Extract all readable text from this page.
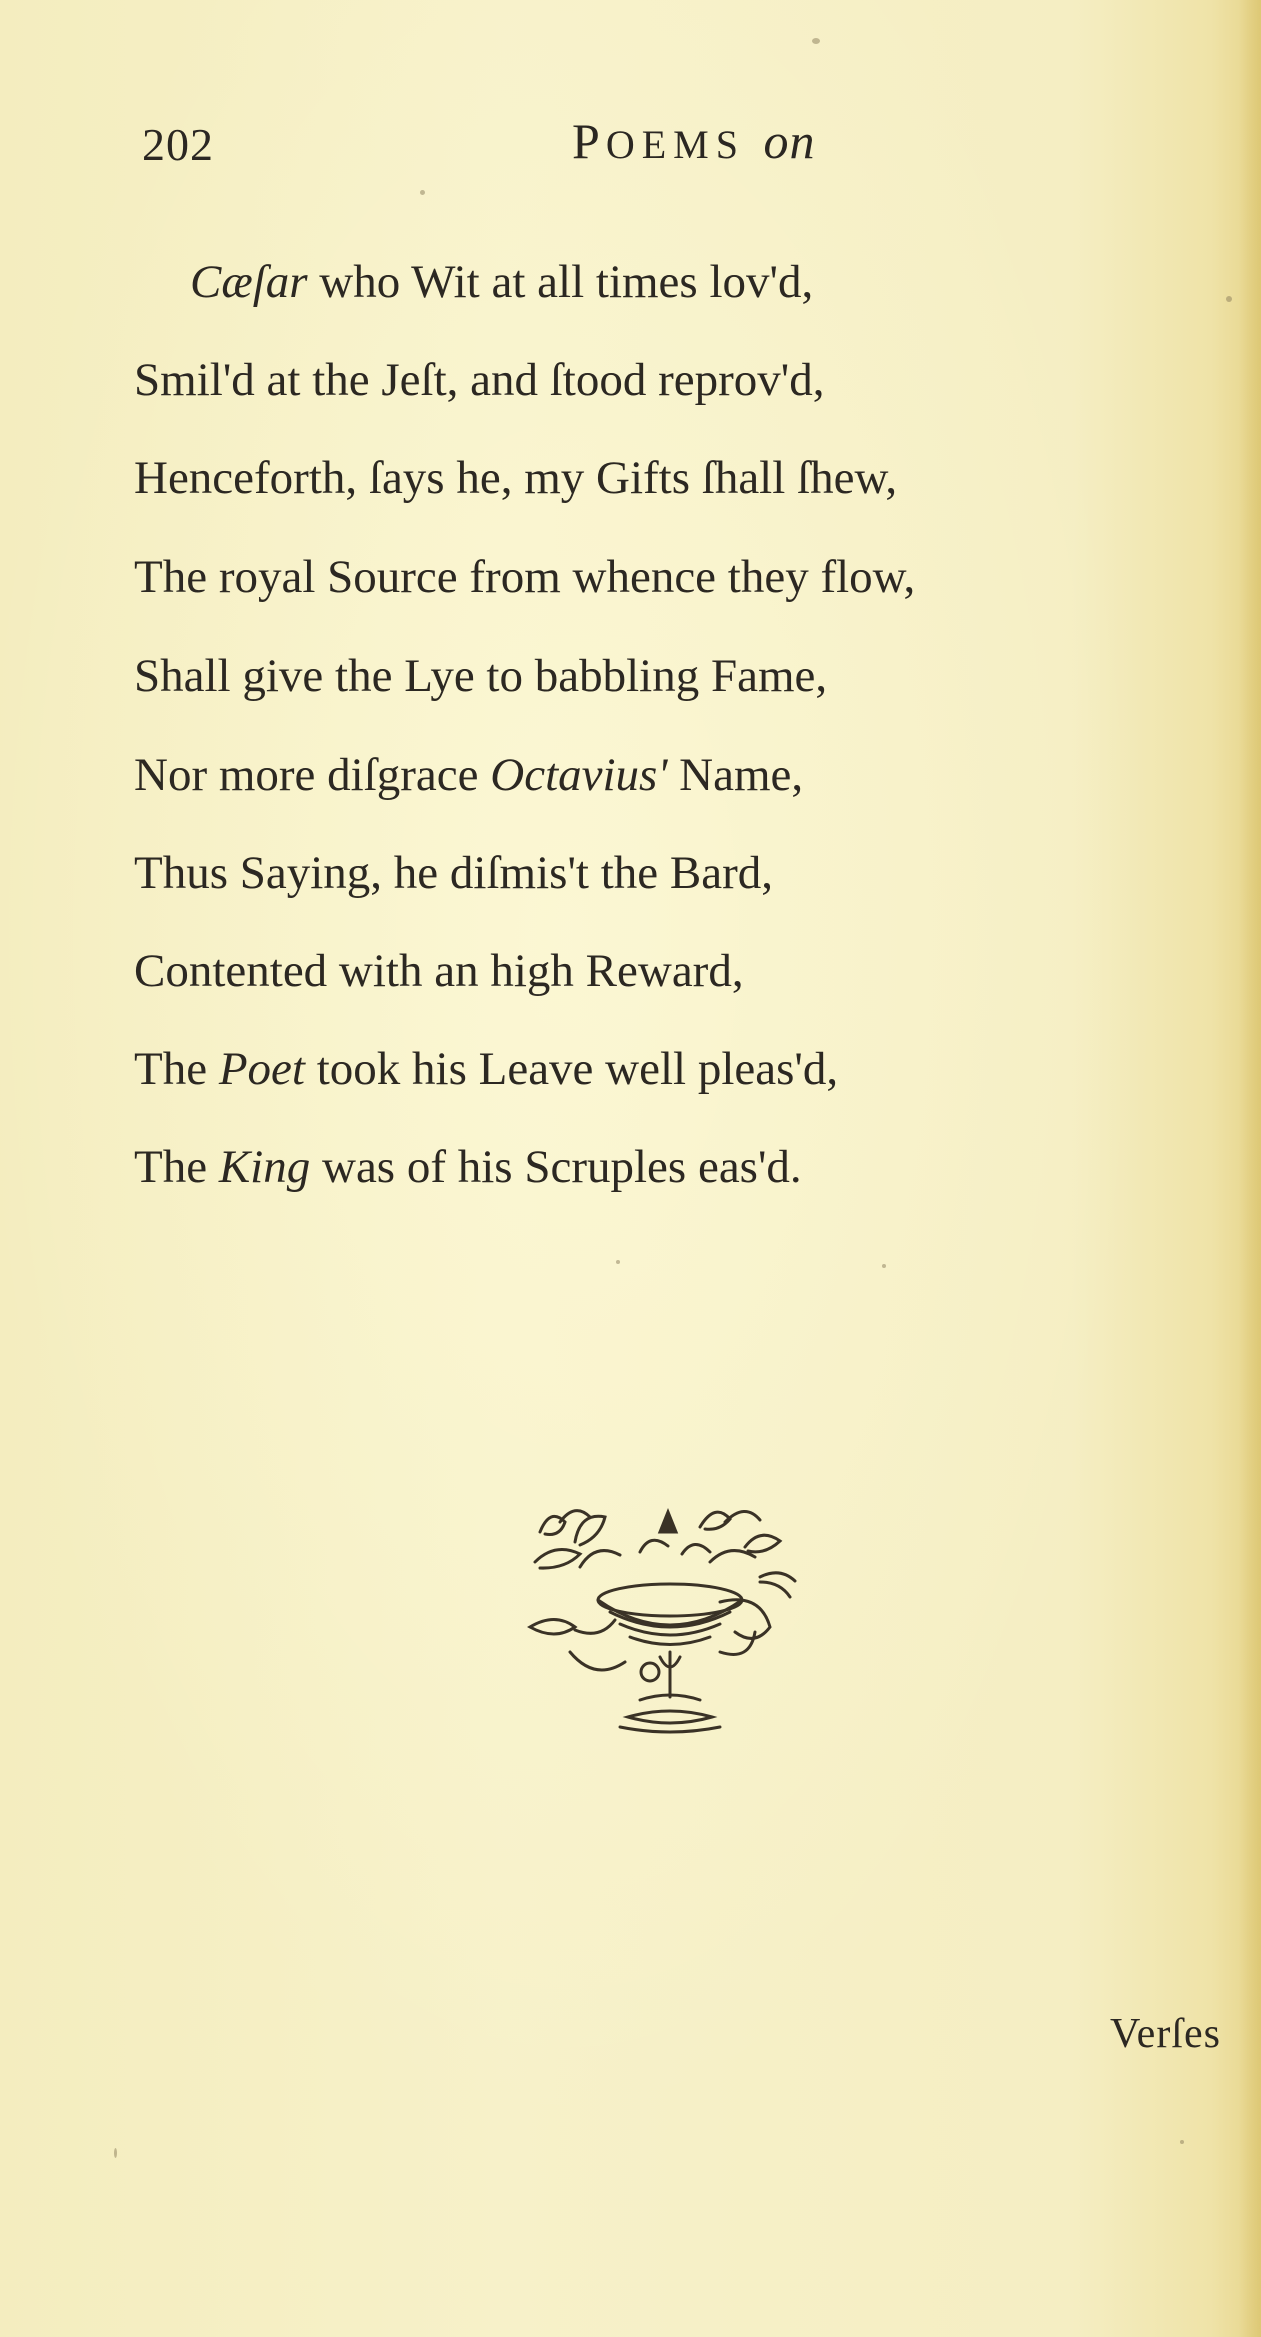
202	POEMS on
Cæſar who Wit at all times lov'd,
Smil'd at the Jeſt, and ſtood reprov'd,
Henceforth, ſays he, my Gifts ſhall ſhew,
The royal Source from whence they flow,
Shall give the Lye to babbling Fame,
Nor more diſgrace Octavius' Name,
Thus Saying, he diſmis't the Bard,
Contented with an high Reward,
The Poet took his Leave well pleas'd,
The King was of his Scruples eas'd.
Verſes
